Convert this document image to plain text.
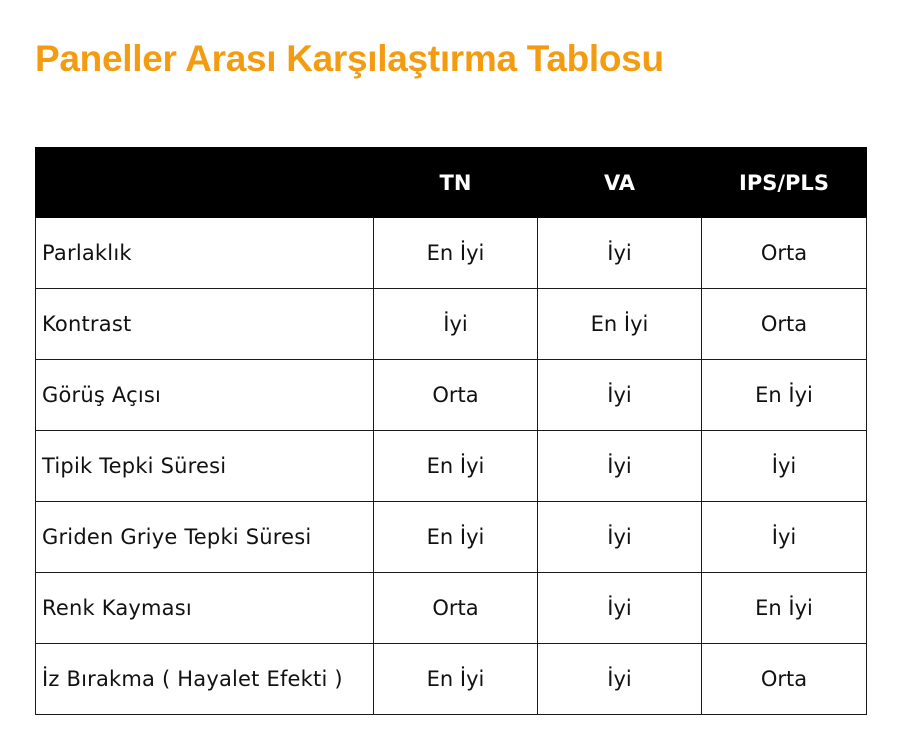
Paneller Arası Karşılaştırma Tablosu
	TN	VA	IPS/PLS
Parlaklık	En İyi	İyi	Orta
Kontrast	İyi	En İyi	Orta
Görüş Açısı	Orta	İyi	En İyi
Tipik Tepki Süresi	En İyi	İyi	İyi
Griden Griye Tepki Süresi	En İyi	İyi	İyi
Renk Kayması	Orta	İyi	En İyi
İz Bırakma ( Hayalet Efekti )	En İyi	İyi	Orta
